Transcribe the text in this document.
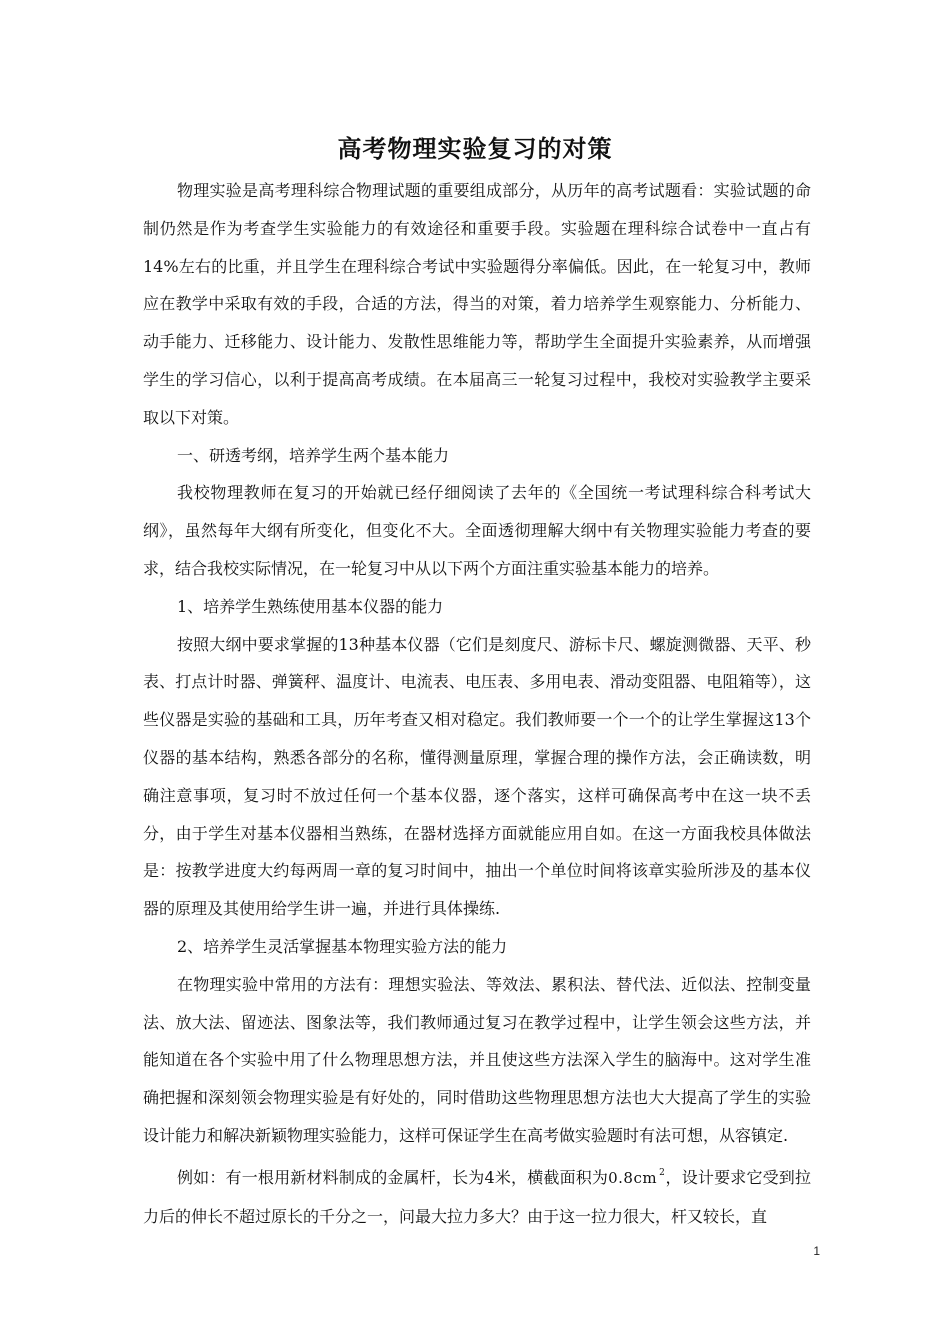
高考物理实验复习的对策

物理实验是高考理科综合物理试题的重要组成部分，从历年的高考试题看：实验试题的命制仍然是作为考查学生实验能力的有效途径和重要手段。实验题在理科综合试卷中一直占有14%左右的比重，并且学生在理科综合考试中实验题得分率偏低。因此，在一轮复习中，教师应在教学中采取有效的手段，合适的方法，得当的对策，着力培养学生观察能力、分析能力、动手能力、迁移能力、设计能力、发散性思维能力等，帮助学生全面提升实验素养，从而增强学生的学习信心，以利于提高高考成绩。在本届高三一轮复习过程中，我校对实验教学主要采取以下对策。

一、研透考纲，培养学生两个基本能力

我校物理教师在复习的开始就已经仔细阅读了去年的《全国统一考试理科综合科考试大纲》，虽然每年大纲有所变化，但变化不大。全面透彻理解大纲中有关物理实验能力考查的要求，结合我校实际情况，在一轮复习中从以下两个方面注重实验基本能力的培养。

1、培养学生熟练使用基本仪器的能力

按照大纲中要求掌握的13种基本仪器（它们是刻度尺、游标卡尺、螺旋测微器、天平、秒表、打点计时器、弹簧秤、温度计、电流表、电压表、多用电表、滑动变阻器、电阻箱等），这些仪器是实验的基础和工具，历年考查又相对稳定。我们教师要一个一个的让学生掌握这13个仪器的基本结构，熟悉各部分的名称，懂得测量原理，掌握合理的操作方法，会正确读数，明确注意事项，复习时不放过任何一个基本仪器，逐个落实，这样可确保高考中在这一块不丢分，由于学生对基本仪器相当熟练，在器材选择方面就能应用自如。在这一方面我校具体做法是：按教学进度大约每两周一章的复习时间中，抽出一个单位时间将该章实验所涉及的基本仪器的原理及其使用给学生讲一遍，并进行具体操练.

2、培养学生灵活掌握基本物理实验方法的能力

在物理实验中常用的方法有：理想实验法、等效法、累积法、替代法、近似法、控制变量法、放大法、留迹法、图象法等，我们教师通过复习在教学过程中，让学生领会这些方法，并能知道在各个实验中用了什么物理思想方法，并且使这些方法深入学生的脑海中。这对学生准确把握和深刻领会物理实验是有好处的，同时借助这些物理思想方法也大大提高了学生的实验设计能力和解决新颖物理实验能力，这样可保证学生在高考做实验题时有法可想，从容镇定.

例如：有一根用新材料制成的金属杆，长为4米，横截面积为0.8cm $^2$，设计要求它受到拉力后的伸长不超过原长的千分之一，问最大拉力多大？由于这一拉力很大，杆又较长，直

1
